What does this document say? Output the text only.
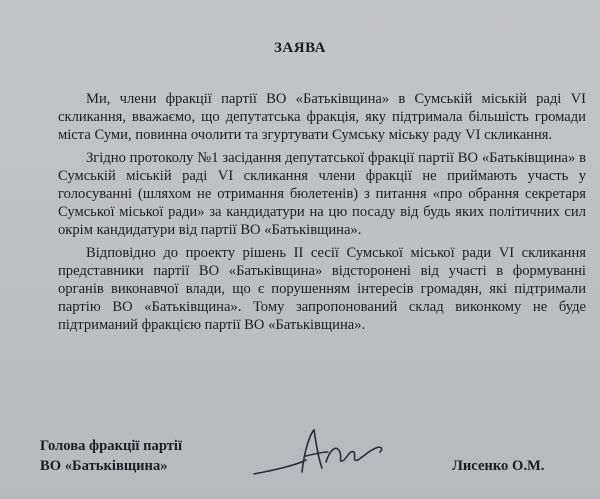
ЗАЯВА

Ми, члени фракції партії ВО «Батьківщина» в Сумській міській раді VI скликання, вважаємо, що депутатська фракція, яку підтримала більшість громади міста Суми, повинна очолити та згуртувати Сумську міську раду VI скликання.

Згідно протоколу №1 засідання депутатської фракції партії ВО «Батьківщина» в Сумській міській раді VI скликання члени фракції не приймають участь у голосуванні (шляхом не отримання бюлетенів) з питання «про обрання секретаря Сумської міської ради» за кандидатури на цю посаду від будь яких політичних сил окрім кандидатури від партії ВО «Батьківщина».

Відповідно до проекту рішень II сесії Сумської міської ради VI скликання представники партії ВО «Батьківщина» відсторонені від участі в формуванні органів виконавчої влади, що є порушенням інтересів громадян, які підтримали партію ВО «Батьківщина». Тому запропонований склад виконкому не буде підтриманий фракцією партії ВО «Батьківщина».

Голова фракції партії
ВО «Батьківщина»	Лисенко О.М.
